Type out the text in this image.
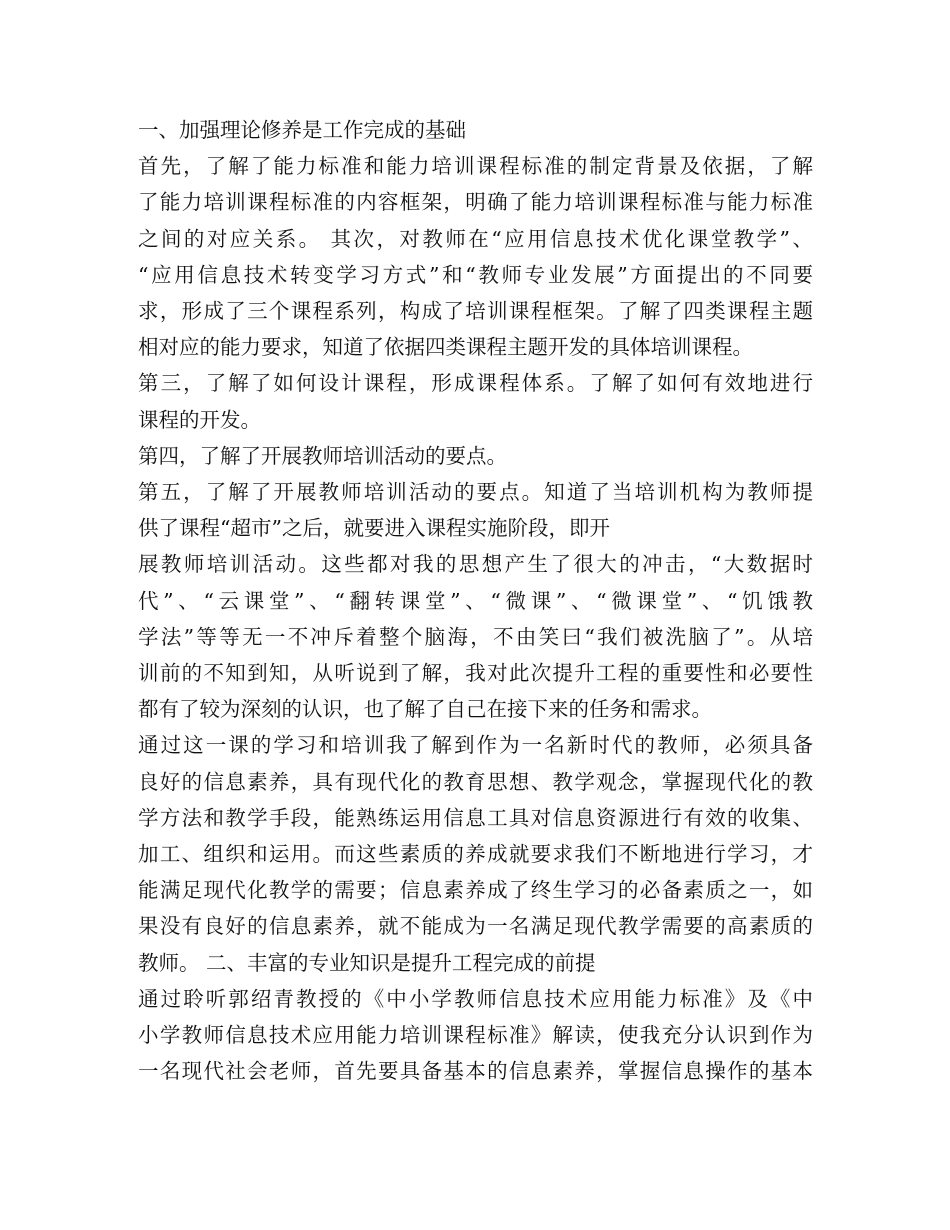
一、加强理论修养是工作完成的基础
首先，了解了能力标准和能力培训课程标准的制定背景及依据，了解
了能力培训课程标准的内容框架，明确了能力培训课程标准与能力标准
之间的对应关系。 其次，对教师在“应用信息技术优化课堂教学”、
“应用信息技术转变学习方式”和“教师专业发展”方面提出的不同要
求，形成了三个课程系列，构成了培训课程框架。了解了四类课程主题
相对应的能力要求，知道了依据四类课程主题开发的具体培训课程。
第三，了解了如何设计课程，形成课程体系。了解了如何有效地进行
课程的开发。
第四，了解了开展教师培训活动的要点。
第五，了解了开展教师培训活动的要点。知道了当培训机构为教师提
供了课程“超市”之后，就要进入课程实施阶段，即开
展教师培训活动。这些都对我的思想产生了很大的冲击，“大数据时
代”、“云课堂”、“翻转课堂”、“微课”、“微课堂”、“饥饿教
学法”等等无一不冲斥着整个脑海，不由笑曰“我们被洗脑了”。从培
训前的不知到知，从听说到了解，我对此次提升工程的重要性和必要性
都有了较为深刻的认识，也了解了自己在接下来的任务和需求。
通过这一课的学习和培训我了解到作为一名新时代的教师，必须具备
良好的信息素养，具有现代化的教育思想、教学观念，掌握现代化的教
学方法和教学手段，能熟练运用信息工具对信息资源进行有效的收集、
加工、组织和运用。而这些素质的养成就要求我们不断地进行学习，才
能满足现代化教学的需要；信息素养成了终生学习的必备素质之一，如
果没有良好的信息素养，就不能成为一名满足现代教学需要的高素质的
教师。 二、丰富的专业知识是提升工程完成的前提
通过聆听郭绍青教授的《中小学教师信息技术应用能力标准》及《中
小学教师信息技术应用能力培训课程标准》解读，使我充分认识到作为
一名现代社会老师，首先要具备基本的信息素养，掌握信息操作的基本
